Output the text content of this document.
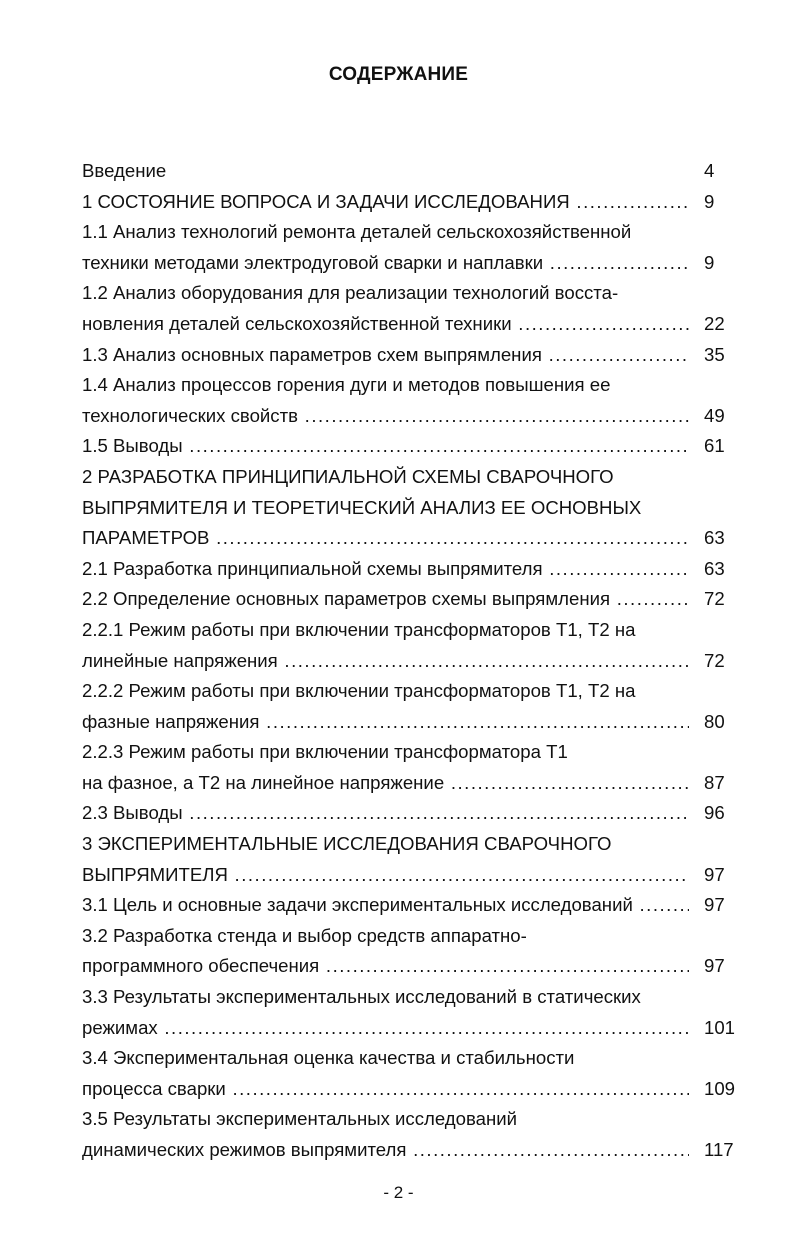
СОДЕРЖАНИЕ
Введение	4
1 СОСТОЯНИЕ ВОПРОСА И ЗАДАЧИ ИССЛЕДОВАНИЯ .....	9
1.1 Анализ технологий ремонта деталей сельскохозяйственной
техники методами электродуговой сварки и наплавки .....	9
1.2 Анализ оборудования для реализации технологий восста-
новления деталей сельскохозяйственной техники .....	22
1.3 Анализ основных параметров схем выпрямления .....	35
1.4 Анализ процессов горения дуги и методов повышения ее
технологических свойств .....	49
1.5 Выводы .....	61
2 РАЗРАБОТКА ПРИНЦИПИАЛЬНОЙ СХЕМЫ СВАРОЧНОГО
ВЫПРЯМИТЕЛЯ И ТЕОРЕТИЧЕСКИЙ АНАЛИЗ ЕЕ ОСНОВНЫХ
ПАРАМЕТРОВ .....	63
2.1 Разработка принципиальной схемы выпрямителя .....	63
2.2 Определение основных параметров схемы выпрямления .....	72
2.2.1 Режим работы при включении трансформаторов Т1, Т2 на
линейные напряжения .....	72
2.2.2 Режим работы при включении трансформаторов Т1, Т2 на
фазные напряжения .....	80
2.2.3 Режим работы при включении трансформатора Т1
на фазное, а Т2 на линейное напряжение .....	87
2.3 Выводы .....	96
3 ЭКСПЕРИМЕНТАЛЬНЫЕ ИССЛЕДОВАНИЯ СВАРОЧНОГО
ВЫПРЯМИТЕЛЯ .....	97
3.1 Цель и основные задачи экспериментальных исследований .....	97
3.2 Разработка стенда и выбор средств аппаратно-
программного обеспечения .....	97
3.3 Результаты экспериментальных исследований в статических
режимах .....	101
3.4 Экспериментальная оценка качества и стабильности
процесса сварки .....	109
3.5 Результаты экспериментальных исследований
динамических режимов выпрямителя .....	117
- 2 -
